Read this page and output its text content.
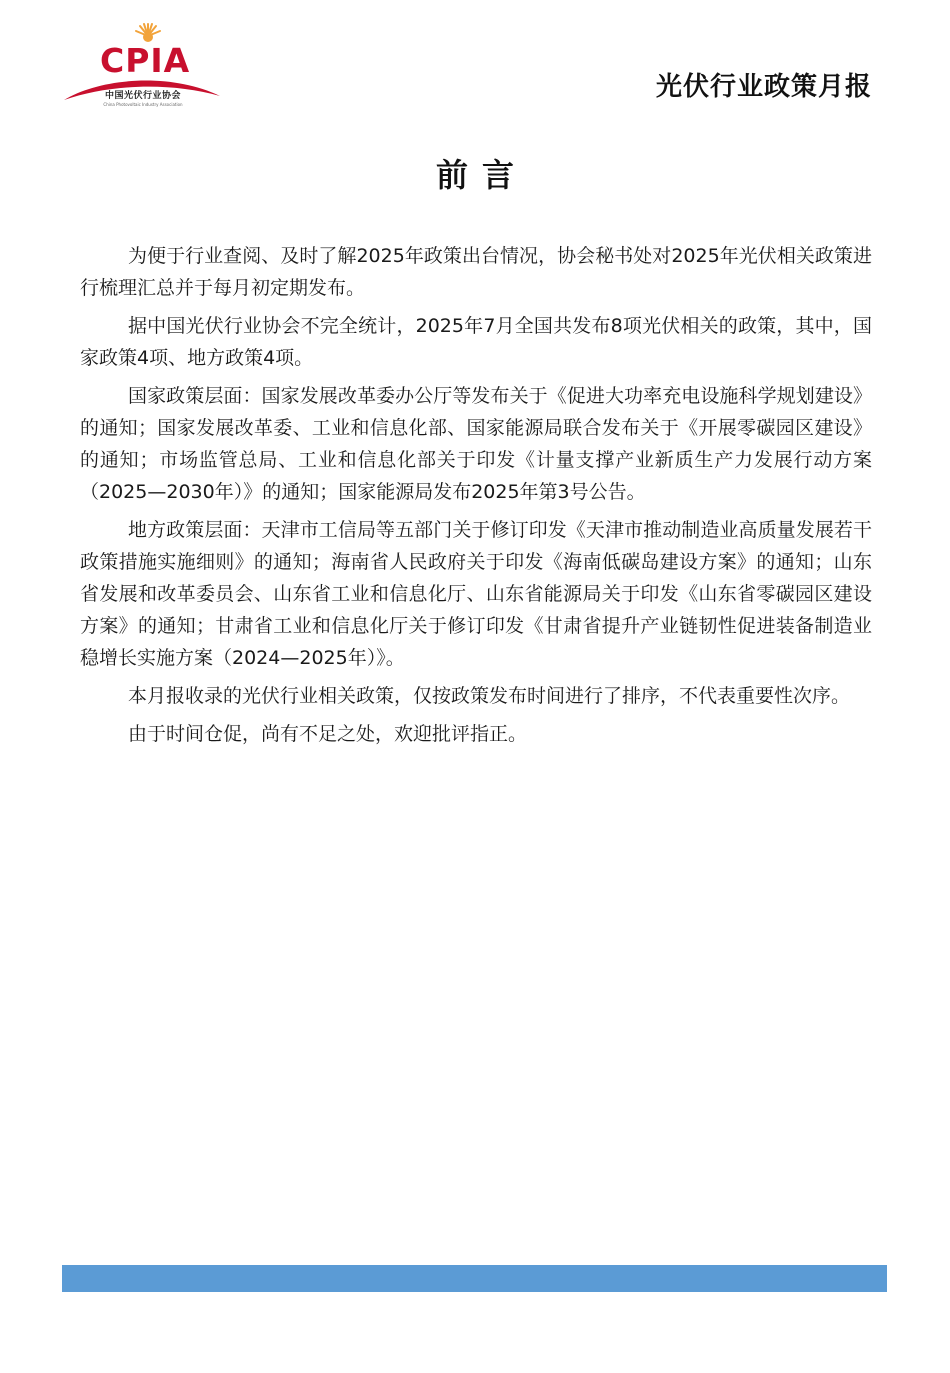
CPIA
中国光伏行业协会
China Photovoltaic Industry Association
光伏行业政策月报
前言

为便于行业查阅、及时了解2025年政策出台情况，协会秘书处对2025年光伏相关政策进行梳理汇总并于每月初定期发布。

据中国光伏行业协会不完全统计，2025年7月全国共发布8项光伏相关的政策，其中，国家政策4项、地方政策4项。

国家政策层面：国家发展改革委办公厅等发布关于《促进大功率充电设施科学规划建设》的通知；国家发展改革委、工业和信息化部、国家能源局联合发布关于《开展零碳园区建设》的通知；市场监管总局、工业和信息化部关于印发《计量支撑产业新质生产力发展行动方案（2025—2030年）》的通知；国家能源局发布2025年第3号公告。

地方政策层面：天津市工信局等五部门关于修订印发《天津市推动制造业高质量发展若干政策措施实施细则》的通知；海南省人民政府关于印发《海南低碳岛建设方案》的通知；山东省发展和改革委员会、山东省工业和信息化厅、山东省能源局关于印发《山东省零碳园区建设方案》的通知；甘肃省工业和信息化厅关于修订印发《甘肃省提升产业链韧性促进装备制造业稳增长实施方案（2024—2025年）》。

本月报收录的光伏行业相关政策，仅按政策发布时间进行了排序，不代表重要性次序。

由于时间仓促，尚有不足之处，欢迎批评指正。
